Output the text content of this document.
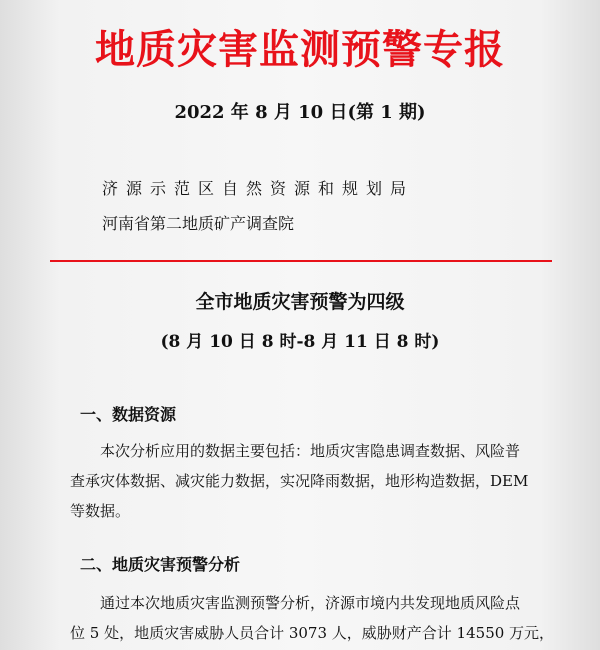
地质灾害监测预警专报
2022 年 8 月 10 日(第 1 期)
济源示范区自然资源和规划局
河南省第二地质矿产调查院
全市地质灾害预警为四级
(8 月 10 日 8 时-8 月 11 日 8 时)
一、数据资源

本次分析应用的数据主要包括：地质灾害隐患调查数据、风险普

查承灾体数据、减灾能力数据，实况降雨数据，地形构造数据，DEM

等数据。

二、地质灾害预警分析

通过本次地质灾害监测预警分析，济源市境内共发现地质风险点

位 5 处，地质灾害威胁人员合计 3073 人，威胁财产合计 14550 万元，
